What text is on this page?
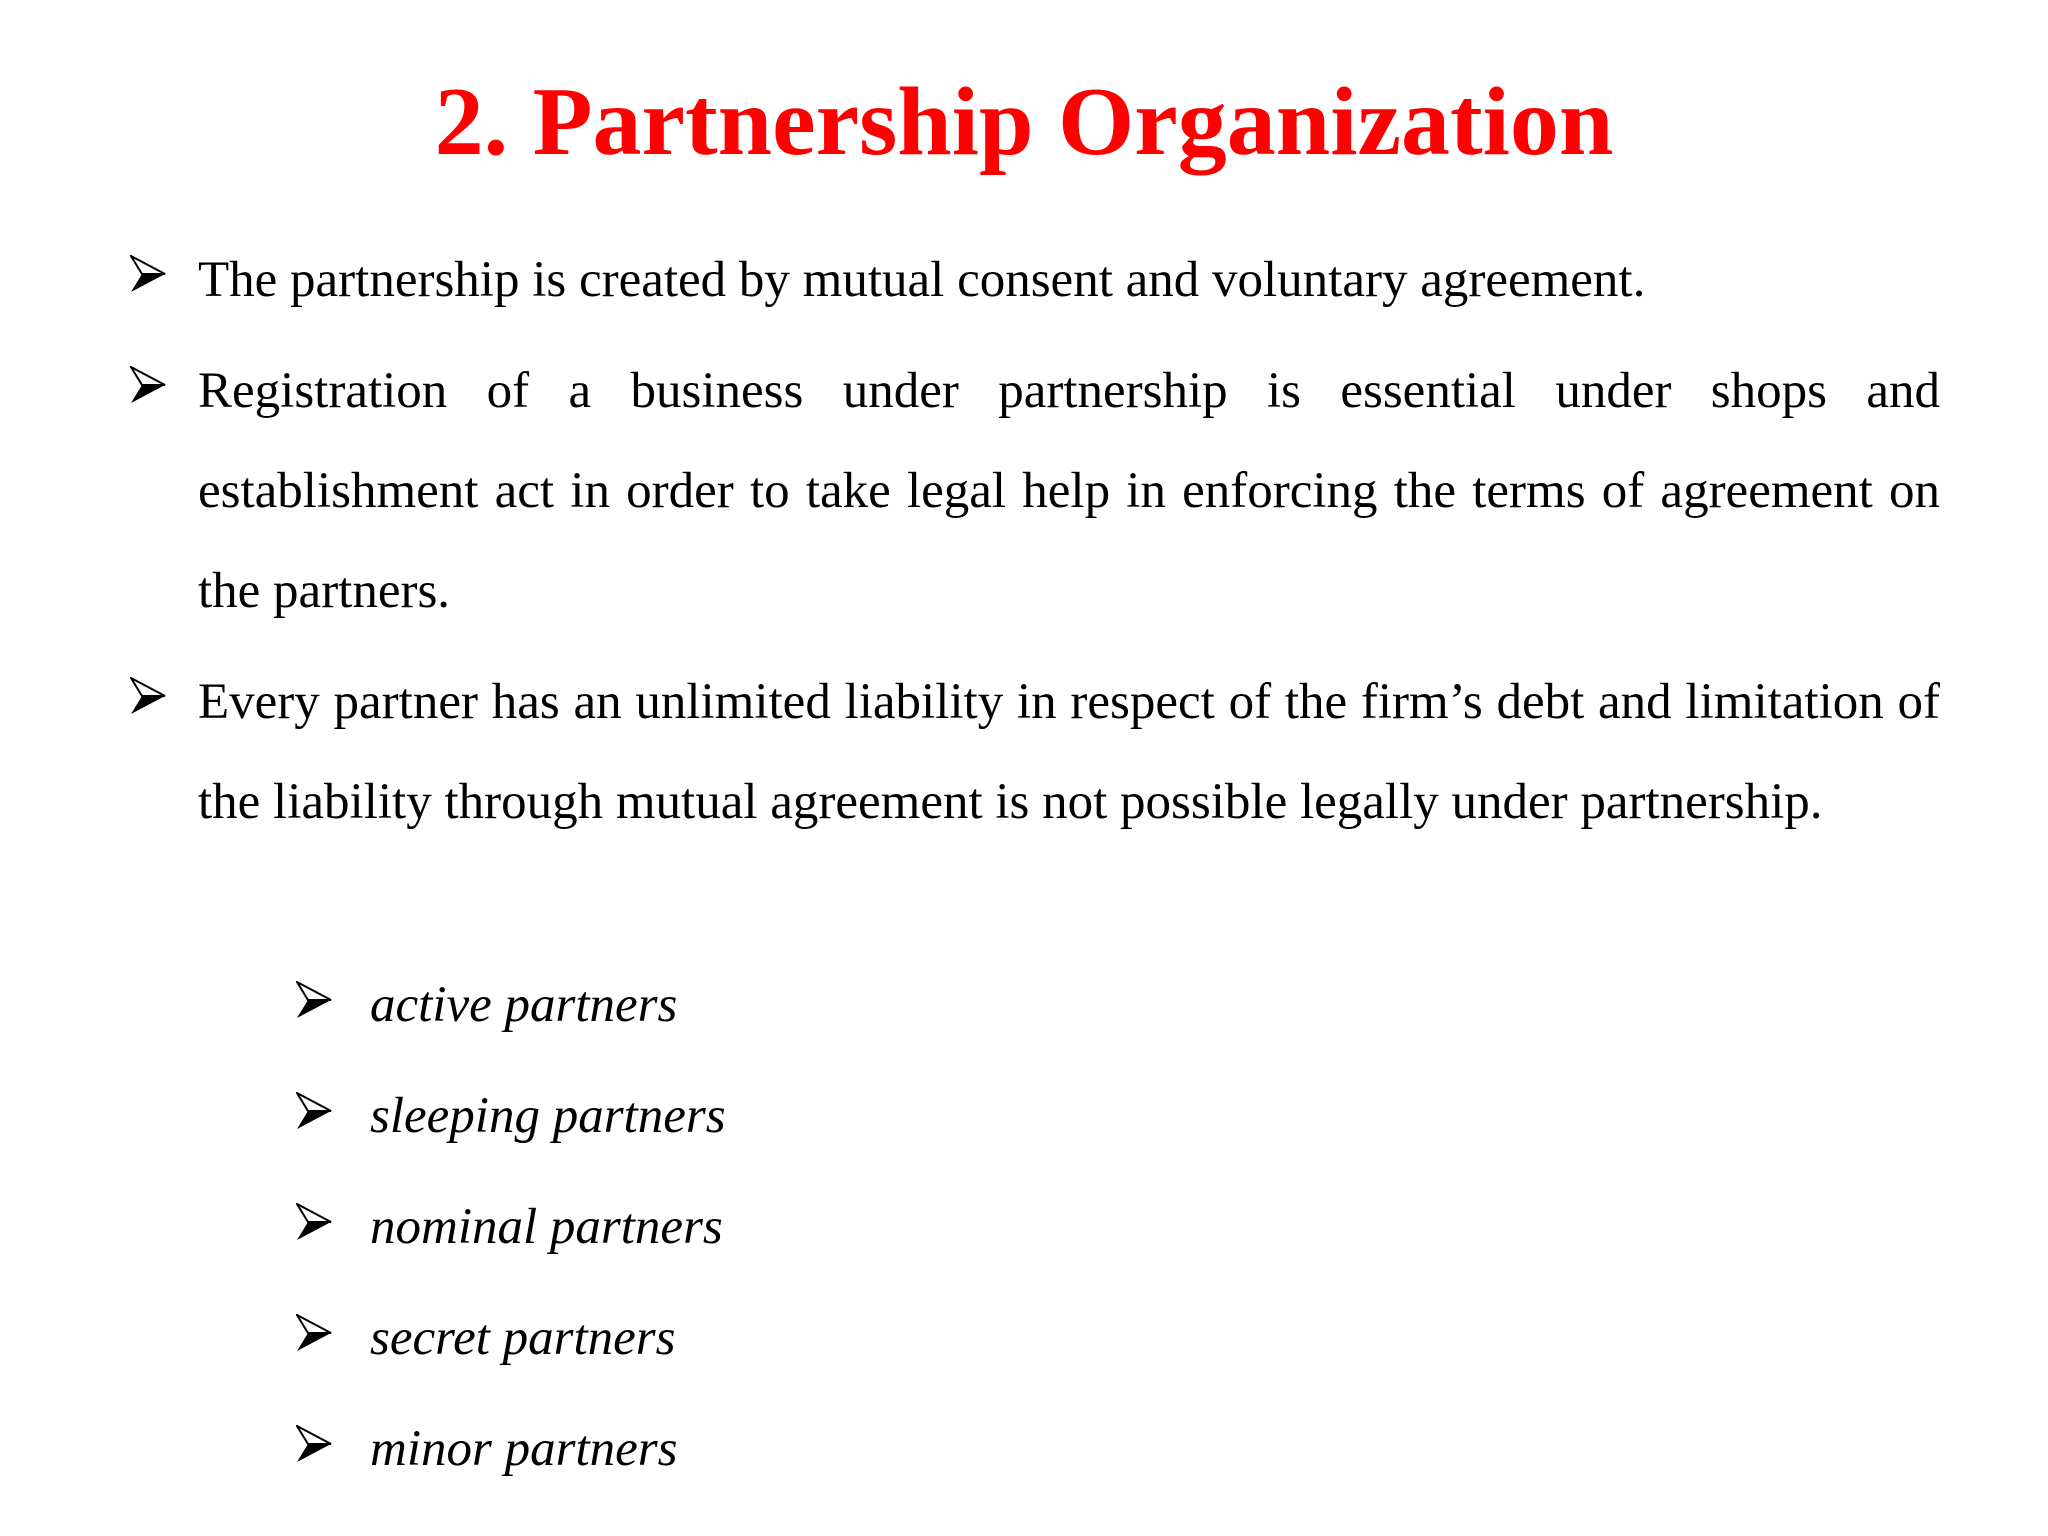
2. Partnership Organization
The partnership is created by mutual consent and voluntary agreement.
Registration of a business under partnership is essential under shops and establishment act in order to take legal help in enforcing the terms of agreement on the partners.
Every partner has an unlimited liability in respect of the firm’s debt and limitation of the liability through mutual agreement is not possible legally under partnership.
active partners
sleeping partners
nominal partners
secret partners
minor partners
